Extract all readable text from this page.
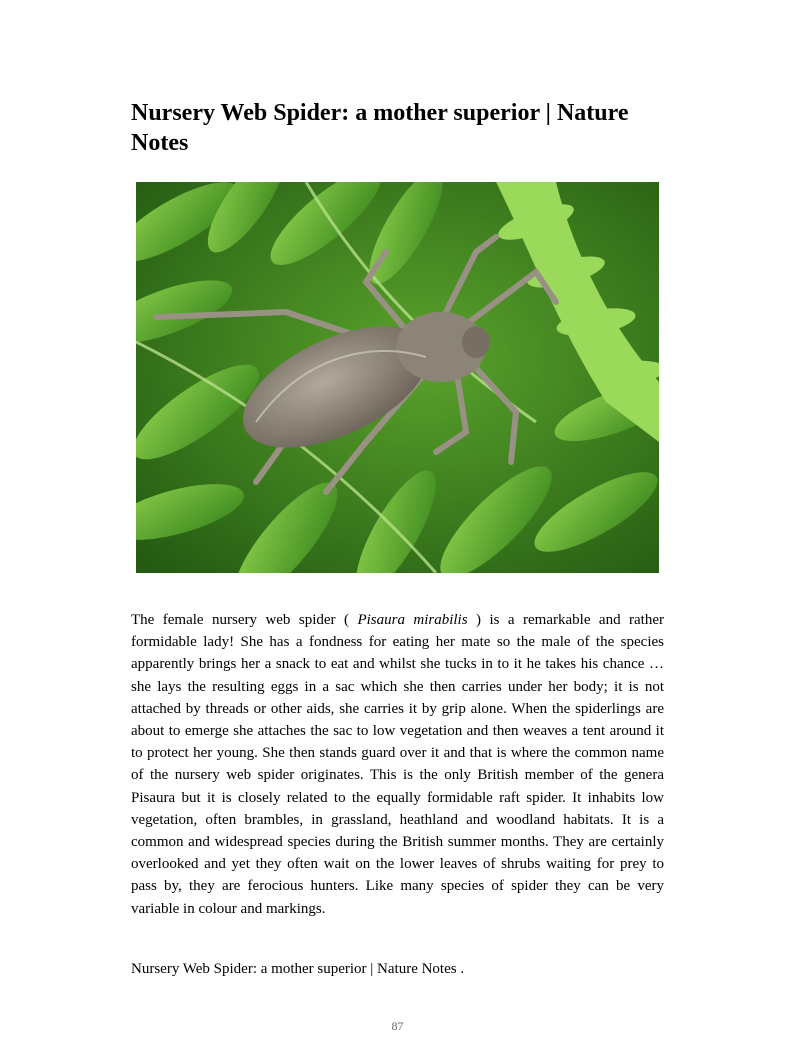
Nursery Web Spider: a mother superior | Nature Notes

The female nursery web spider ( Pisaura mirabilis ) is a remarkable and rather formidable lady! She has a fondness for eating her mate so the male of the species apparently brings her a snack to eat and whilst she tucks in to it he takes his chance … she lays the resulting eggs in a sac which she then carries under her body; it is not attached by threads or other aids, she carries it by grip alone. When the spiderlings are about to emerge she attaches the sac to low vegetation and then weaves a tent around it to protect her young. She then stands guard over it and that is where the common name of the nursery web spider originates. This is the only British member of the genera Pisaura but it is closely related to the equally formidable raft spider. It inhabits low vegetation, often brambles, in grassland, heathland and woodland habitats. It is a common and widespread species during the British summer months. They are certainly overlooked and yet they often wait on the lower leaves of shrubs waiting for prey to pass by, they are ferocious hunters. Like many species of spider they can be very variable in colour and markings.

Nursery Web Spider: a mother superior | Nature Notes .

87
